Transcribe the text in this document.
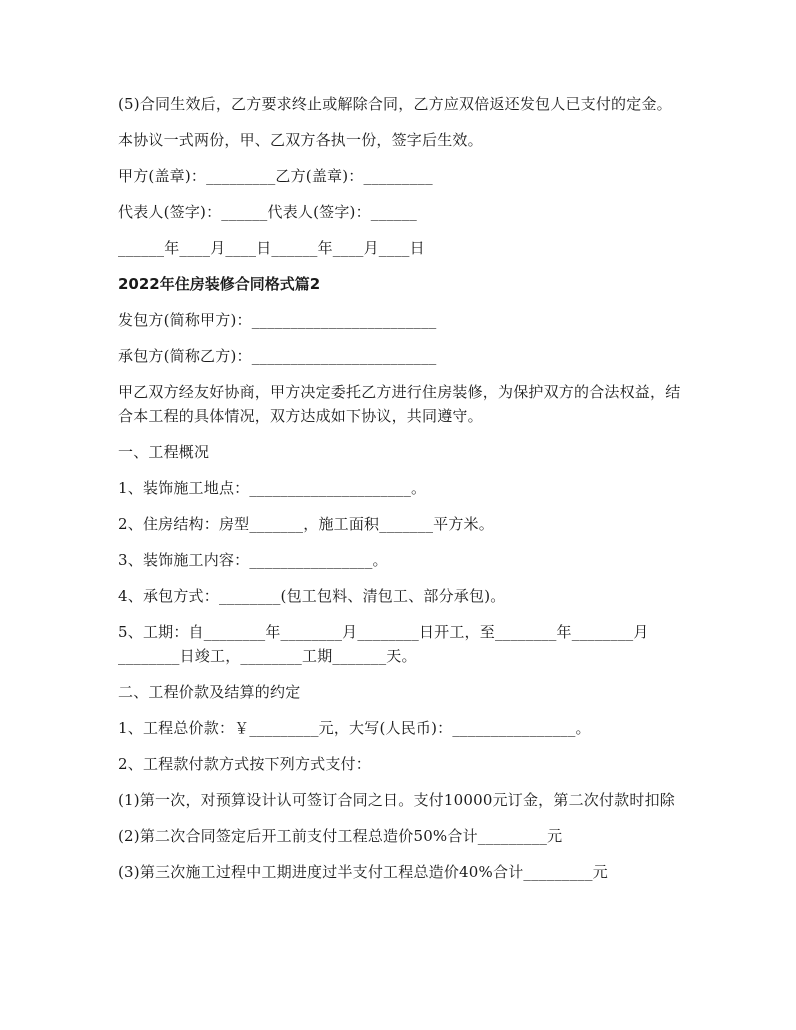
(5)合同生效后，乙方要求终止或解除合同，乙方应双倍返还发包人已支付的定金。

本协议一式两份，甲、乙双方各执一份，签字后生效。

甲方(盖章)：_________乙方(盖章)：_________

代表人(签字)：______代表人(签字)：______

______年____月____日______年____月____日

2022年住房装修合同格式篇2

发包方(简称甲方)：________________________

承包方(简称乙方)：________________________

甲乙双方经友好协商，甲方决定委托乙方进行住房装修，为保护双方的合法权益，结合本工程的具体情况，双方达成如下协议，共同遵守。

一、工程概况

1、装饰施工地点：_____________________。

2、住房结构：房型_______，施工面积_______平方米。

3、装饰施工内容：________________。

4、承包方式：________(包工包料、清包工、部分承包)。

5、工期：自________年________月________日开工，至________年________月________日竣工，________工期_______天。

二、工程价款及结算的约定

1、工程总价款：￥_________元，大写(人民币)：________________。

2、工程款付款方式按下列方式支付：

(1)第一次，对预算设计认可签订合同之日。支付10000元订金，第二次付款时扣除

(2)第二次合同签定后开工前支付工程总造价50%合计_________元

(3)第三次施工过程中工期进度过半支付工程总造价40%合计_________元
